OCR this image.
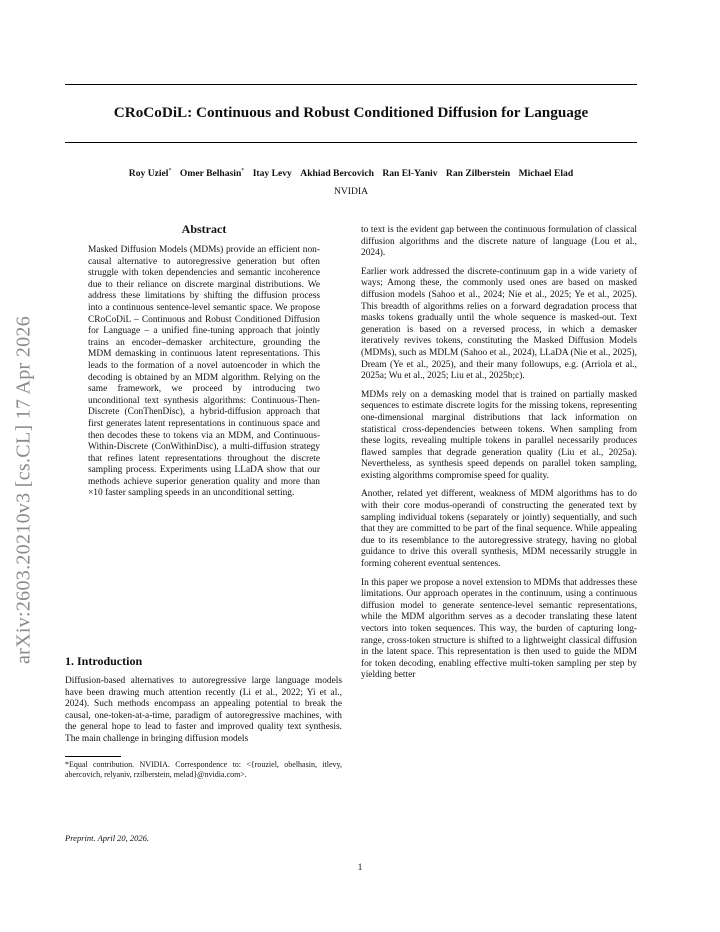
arXiv:2603.20210v3 [cs.CL] 17 Apr 2026
CRoCoDiL: Continuous and Robust Conditioned Diffusion for Language
Roy Uziel* Omer Belhasin* Itay Levy Akhiad Bercovich Ran El-Yaniv Ran Zilberstein Michael Elad
NVIDIA
Abstract

Masked Diffusion Models (MDMs) provide an efficient non-causal alternative to autoregressive generation but often struggle with token dependencies and semantic incoherence due to their reliance on discrete marginal distributions. We address these limitations by shifting the diffusion process into a continuous sentence-level semantic space. We propose CRoCoDiL – Continuous and Robust Conditioned Diffusion for Language – a unified fine-tuning approach that jointly trains an encoder–demasker architecture, grounding the MDM demasking in continuous latent representations. This leads to the formation of a novel autoencoder in which the decoding is obtained by an MDM algorithm. Relying on the same framework, we proceed by introducing two unconditional text synthesis algorithms: Continuous-Then-Discrete (ConThenDisc), a hybrid-diffusion approach that first generates latent representations in continuous space and then decodes these to tokens via an MDM, and Continuous-Within-Discrete (ConWithinDisc), a multi-diffusion strategy that refines latent representations throughout the discrete sampling process. Experiments using LLaDA show that our methods achieve superior generation quality and more than ×10 faster sampling speeds in an unconditional setting.

1. Introduction

Diffusion-based alternatives to autoregressive large language models have been drawing much attention recently (Li et al., 2022; Yi et al., 2024). Such methods encompass an appealing potential to break the causal, one-token-at-a-time, paradigm of autoregressive machines, with the general hope to lead to faster and improved quality text synthesis. The main challenge in bringing diffusion models

*Equal contribution. NVIDIA. Correspondence to: <{rouziel, obelhasin, itlevy, abercovich, relyaniv, rzilberstein, melad}@nvidia.com>.

Preprint. April 20, 2026.

to text is the evident gap between the continuous formulation of classical diffusion algorithms and the discrete nature of language (Lou et al., 2024).

Earlier work addressed the discrete-continuum gap in a wide variety of ways; Among these, the commonly used ones are based on masked diffusion models (Sahoo et al., 2024; Nie et al., 2025; Ye et al., 2025). This breadth of algorithms relies on a forward degradation process that masks tokens gradually until the whole sequence is masked-out. Text generation is based on a reversed process, in which a demasker iteratively revives tokens, constituting the Masked Diffusion Models (MDMs), such as MDLM (Sahoo et al., 2024), LLaDA (Nie et al., 2025), Dream (Ye et al., 2025), and their many followups, e.g. (Arriola et al., 2025a; Wu et al., 2025; Liu et al., 2025b;c).

MDMs rely on a demasking model that is trained on partially masked sequences to estimate discrete logits for the missing tokens, representing one-dimensional marginal distributions that lack information on statistical cross-dependencies between tokens. When sampling from these logits, revealing multiple tokens in parallel necessarily produces flawed samples that degrade generation quality (Liu et al., 2025a). Nevertheless, as synthesis speed depends on parallel token sampling, existing algorithms compromise speed for quality.

Another, related yet different, weakness of MDM algorithms has to do with their core modus-operandi of constructing the generated text by sampling individual tokens (separately or jointly) sequentially, and such that they are committed to be part of the final sequence. While appealing due to its resemblance to the autoregressive strategy, having no global guidance to drive this overall synthesis, MDM necessarily struggle in forming coherent eventual sentences.

In this paper we propose a novel extension to MDMs that addresses these limitations. Our approach operates in the continuum, using a continuous diffusion model to generate sentence-level semantic representations, while the MDM algorithm serves as a decoder translating these latent vectors into token sequences. This way, the burden of capturing long-range, cross-token structure is shifted to a lightweight classical diffusion in the latent space. This representation is then used to guide the MDM for token decoding, enabling effective multi-token sampling per step by yielding better

1
